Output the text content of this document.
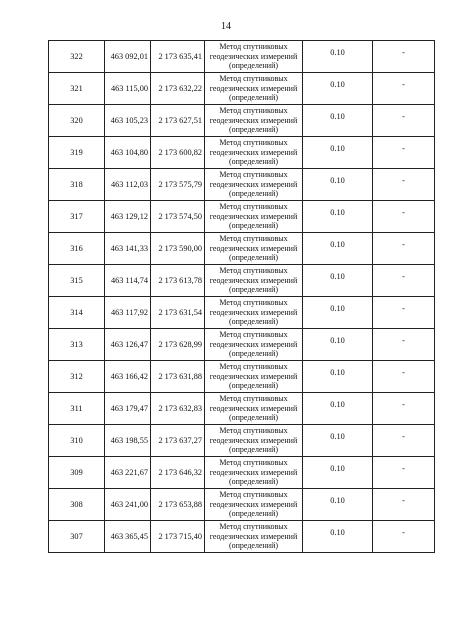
14
322	463 092,01	2 173 635,41	Метод спутниковых геодезических измерений (определений)	0.10	-
321	463 115,00	2 173 632,22	Метод спутниковых геодезических измерений (определений)	0.10	-
320	463 105,23	2 173 627,51	Метод спутниковых геодезических измерений (определений)	0.10	-
319	463 104,80	2 173 600,82	Метод спутниковых геодезических измерений (определений)	0.10	-
318	463 112,03	2 173 575,79	Метод спутниковых геодезических измерений (определений)	0.10	-
317	463 129,12	2 173 574,50	Метод спутниковых геодезических измерений (определений)	0.10	-
316	463 141,33	2 173 590,00	Метод спутниковых геодезических измерений (определений)	0.10	-
315	463 114,74	2 173 613,78	Метод спутниковых геодезических измерений (определений)	0.10	-
314	463 117,92	2 173 631,54	Метод спутниковых геодезических измерений (определений)	0.10	-
313	463 126,47	2 173 628,99	Метод спутниковых геодезических измерений (определений)	0.10	-
312	463 166,42	2 173 631,88	Метод спутниковых геодезических измерений (определений)	0.10	-
311	463 179,47	2 173 632,83	Метод спутниковых геодезических измерений (определений)	0.10	-
310	463 198,55	2 173 637,27	Метод спутниковых геодезических измерений (определений)	0.10	-
309	463 221,67	2 173 646,32	Метод спутниковых геодезических измерений (определений)	0.10	-
308	463 241,00	2 173 653,88	Метод спутниковых геодезических измерений (определений)	0.10	-
307	463 365,45	2 173 715,40	Метод спутниковых геодезических измерений (определений)	0.10	-
